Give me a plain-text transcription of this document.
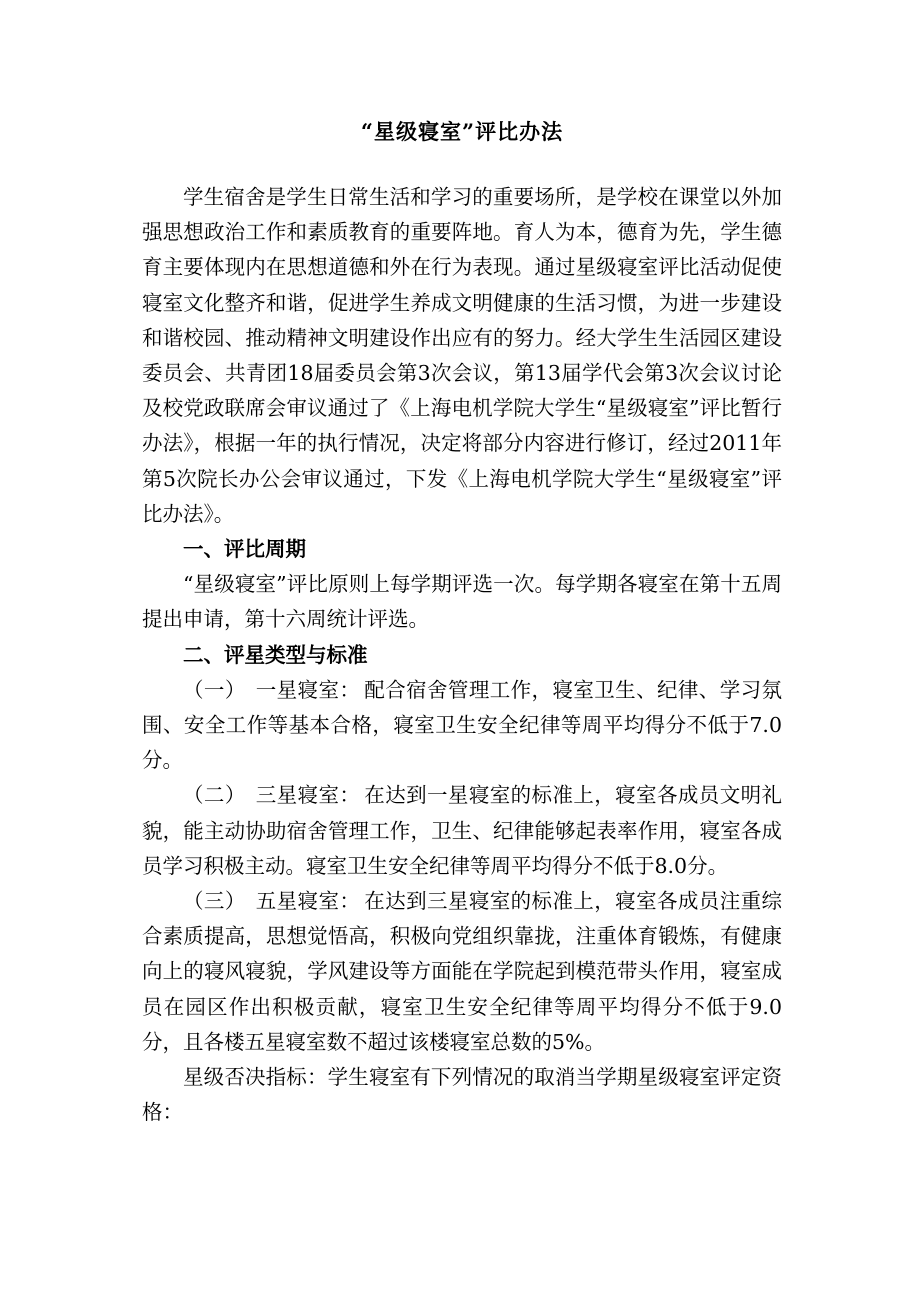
“星级寝室”评比办法

学生宿舍是学生日常生活和学习的重要场所，是学校在课堂以外加强思想政治工作和素质教育的重要阵地。育人为本，德育为先，学生德育主要体现内在思想道德和外在行为表现。通过星级寝室评比活动促使寝室文化整齐和谐，促进学生养成文明健康的生活习惯，为进一步建设和谐校园、推动精神文明建设作出应有的努力。经大学生生活园区建设委员会、共青团18届委员会第3次会议，第13届学代会第3次会议讨论及校党政联席会审议通过了《上海电机学院大学生“星级寝室”评比暂行办法》，根据一年的执行情况，决定将部分内容进行修订，经过2011年第5次院长办公会审议通过，下发《上海电机学院大学生“星级寝室”评比办法》。

一、评比周期

“星级寝室”评比原则上每学期评选一次。每学期各寝室在第十五周提出申请，第十六周统计评选。

二、评星类型与标准

（一） 一星寝室： 配合宿舍管理工作，寝室卫生、纪律、学习氛围、安全工作等基本合格，寝室卫生安全纪律等周平均得分不低于7.0分。

（二） 三星寝室： 在达到一星寝室的标准上，寝室各成员文明礼貌，能主动协助宿舍管理工作，卫生、纪律能够起表率作用，寝室各成员学习积极主动。寝室卫生安全纪律等周平均得分不低于8.0分。

（三） 五星寝室： 在达到三星寝室的标准上，寝室各成员注重综合素质提高，思想觉悟高，积极向党组织靠拢，注重体育锻炼，有健康向上的寝风寝貌，学风建设等方面能在学院起到模范带头作用，寝室成员在园区作出积极贡献，寝室卫生安全纪律等周平均得分不低于9.0分，且各楼五星寝室数不超过该楼寝室总数的5%。

星级否决指标：学生寝室有下列情况的取消当学期星级寝室评定资格：
